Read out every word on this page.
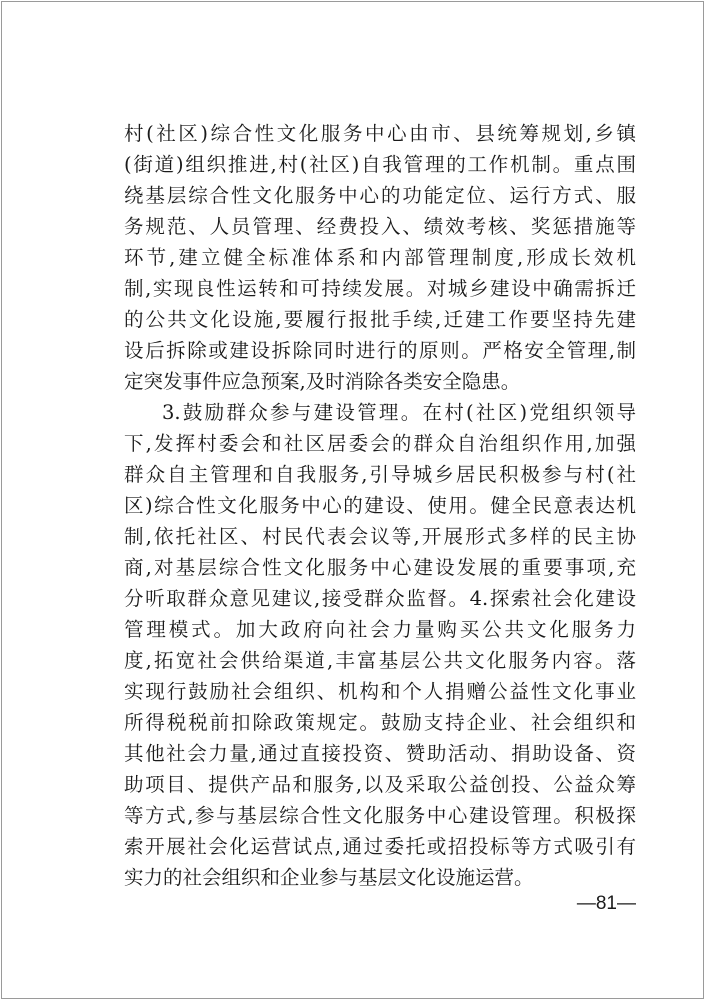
村(社区)综合性文化服务中心由市、县统筹规划,乡镇
(街道)组织推进,村(社区)自我管理的工作机制。重点围
绕基层综合性文化服务中心的功能定位、运行方式、服
务规范、人员管理、经费投入、绩效考核、奖惩措施等
环节,建立健全标准体系和内部管理制度,形成长效机
制,实现良性运转和可持续发展。对城乡建设中确需拆迁
的公共文化设施,要履行报批手续,迁建工作要坚持先建
设后拆除或建设拆除同时进行的原则。严格安全管理,制
定突发事件应急预案,及时消除各类安全隐患。
3.鼓励群众参与建设管理。在村(社区)党组织领导
下,发挥村委会和社区居委会的群众自治组织作用,加强
群众自主管理和自我服务,引导城乡居民积极参与村(社
区)综合性文化服务中心的建设、使用。健全民意表达机
制,依托社区、村民代表会议等,开展形式多样的民主协
商,对基层综合性文化服务中心建设发展的重要事项,充
分听取群众意见建议,接受群众监督。4.探索社会化建设
管理模式。加大政府向社会力量购买公共文化服务力
度,拓宽社会供给渠道,丰富基层公共文化服务内容。落
实现行鼓励社会组织、机构和个人捐赠公益性文化事业
所得税税前扣除政策规定。鼓励支持企业、社会组织和
其他社会力量,通过直接投资、赞助活动、捐助设备、资
助项目、提供产品和服务,以及采取公益创投、公益众筹
等方式,参与基层综合性文化服务中心建设管理。积极探
索开展社会化运营试点,通过委托或招投标等方式吸引有
实力的社会组织和企业参与基层文化设施运营。
—81—
